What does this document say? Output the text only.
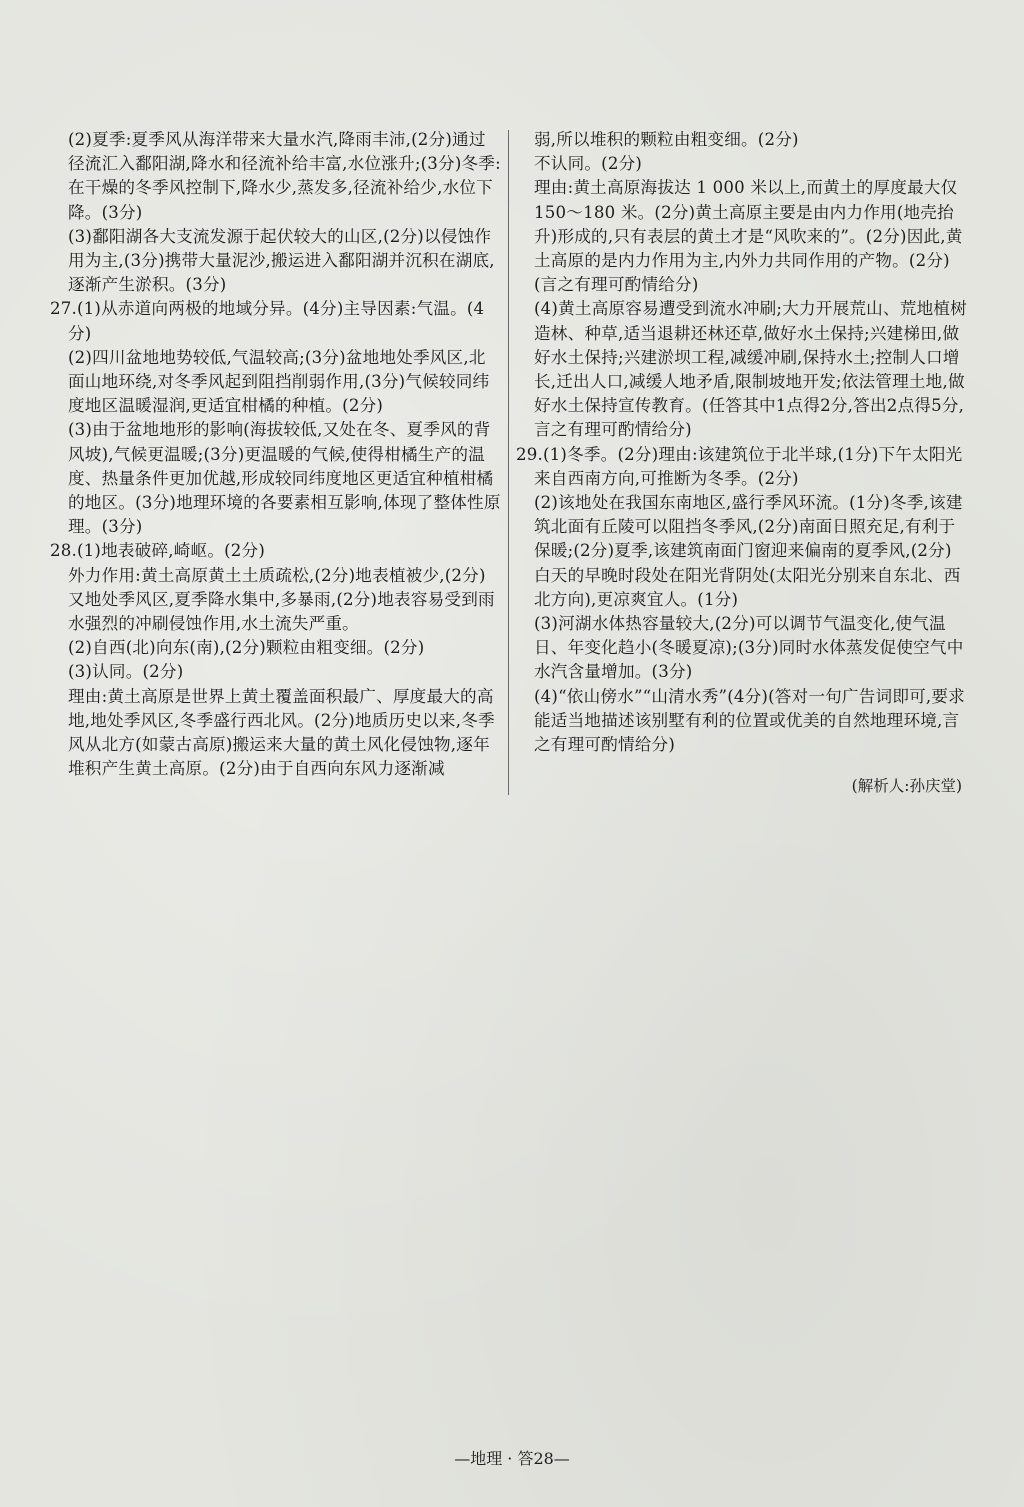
(2)夏季:夏季风从海洋带来大量水汽,降雨丰沛,(2分)通过径流汇入鄱阳湖,降水和径流补给丰富,水位涨升;(3分)冬季:在干燥的冬季风控制下,降水少,蒸发多,径流补给少,水位下降。(3分)

(3)鄱阳湖各大支流发源于起伏较大的山区,(2分)以侵蚀作用为主,(3分)携带大量泥沙,搬运进入鄱阳湖并沉积在湖底,逐渐产生淤积。(3分)

27.(1)从赤道向两极的地域分异。(4分)主导因素:气温。(4分)

(2)四川盆地地势较低,气温较高;(3分)盆地地处季风区,北面山地环绕,对冬季风起到阻挡削弱作用,(3分)气候较同纬度地区温暖湿润,更适宜柑橘的种植。(2分)

(3)由于盆地地形的影响(海拔较低,又处在冬、夏季风的背风坡),气候更温暖;(3分)更温暖的气候,使得柑橘生产的温度、热量条件更加优越,形成较同纬度地区更适宜种植柑橘的地区。(3分)地理环境的各要素相互影响,体现了整体性原理。(3分)

28.(1)地表破碎,崎岖。(2分)

外力作用:黄土高原黄土土质疏松,(2分)地表植被少,(2分)又地处季风区,夏季降水集中,多暴雨,(2分)地表容易受到雨水强烈的冲刷侵蚀作用,水土流失严重。

(2)自西(北)向东(南),(2分)颗粒由粗变细。(2分)

(3)认同。(2分)

理由:黄土高原是世界上黄土覆盖面积最广、厚度最大的高地,地处季风区,冬季盛行西北风。(2分)地质历史以来,冬季风从北方(如蒙古高原)搬运来大量的黄土风化侵蚀物,逐年堆积产生黄土高原。(2分)由于自西向东风力逐渐减

弱,所以堆积的颗粒由粗变细。(2分)

不认同。(2分)

理由:黄土高原海拔达 1 000 米以上,而黄土的厚度最大仅150～180 米。(2分)黄土高原主要是由内力作用(地壳抬升)形成的,只有表层的黄土才是“风吹来的”。(2分)因此,黄土高原的是内力作用为主,内外力共同作用的产物。(2分)(言之有理可酌情给分)

(4)黄土高原容易遭受到流水冲刷;大力开展荒山、荒地植树造林、种草,适当退耕还林还草,做好水土保持;兴建梯田,做好水土保持;兴建淤坝工程,减缓冲刷,保持水土;控制人口增长,迁出人口,减缓人地矛盾,限制坡地开发;依法管理土地,做好水土保持宣传教育。(任答其中1点得2分,答出2点得5分,言之有理可酌情给分)

29.(1)冬季。(2分)理由:该建筑位于北半球,(1分)下午太阳光来自西南方向,可推断为冬季。(2分)

(2)该地处在我国东南地区,盛行季风环流。(1分)冬季,该建筑北面有丘陵可以阻挡冬季风,(2分)南面日照充足,有利于保暖;(2分)夏季,该建筑南面门窗迎来偏南的夏季风,(2分)白天的早晚时段处在阳光背阴处(太阳光分别来自东北、西北方向),更凉爽宜人。(1分)

(3)河湖水体热容量较大,(2分)可以调节气温变化,使气温日、年变化趋小(冬暖夏凉);(3分)同时水体蒸发促使空气中水汽含量增加。(3分)

(4)“依山傍水”“山清水秀”(4分)(答对一句广告词即可,要求能适当地描述该别墅有利的位置或优美的自然地理环境,言之有理可酌情给分)

(解析人:孙庆堂)
—地理 · 答28—
